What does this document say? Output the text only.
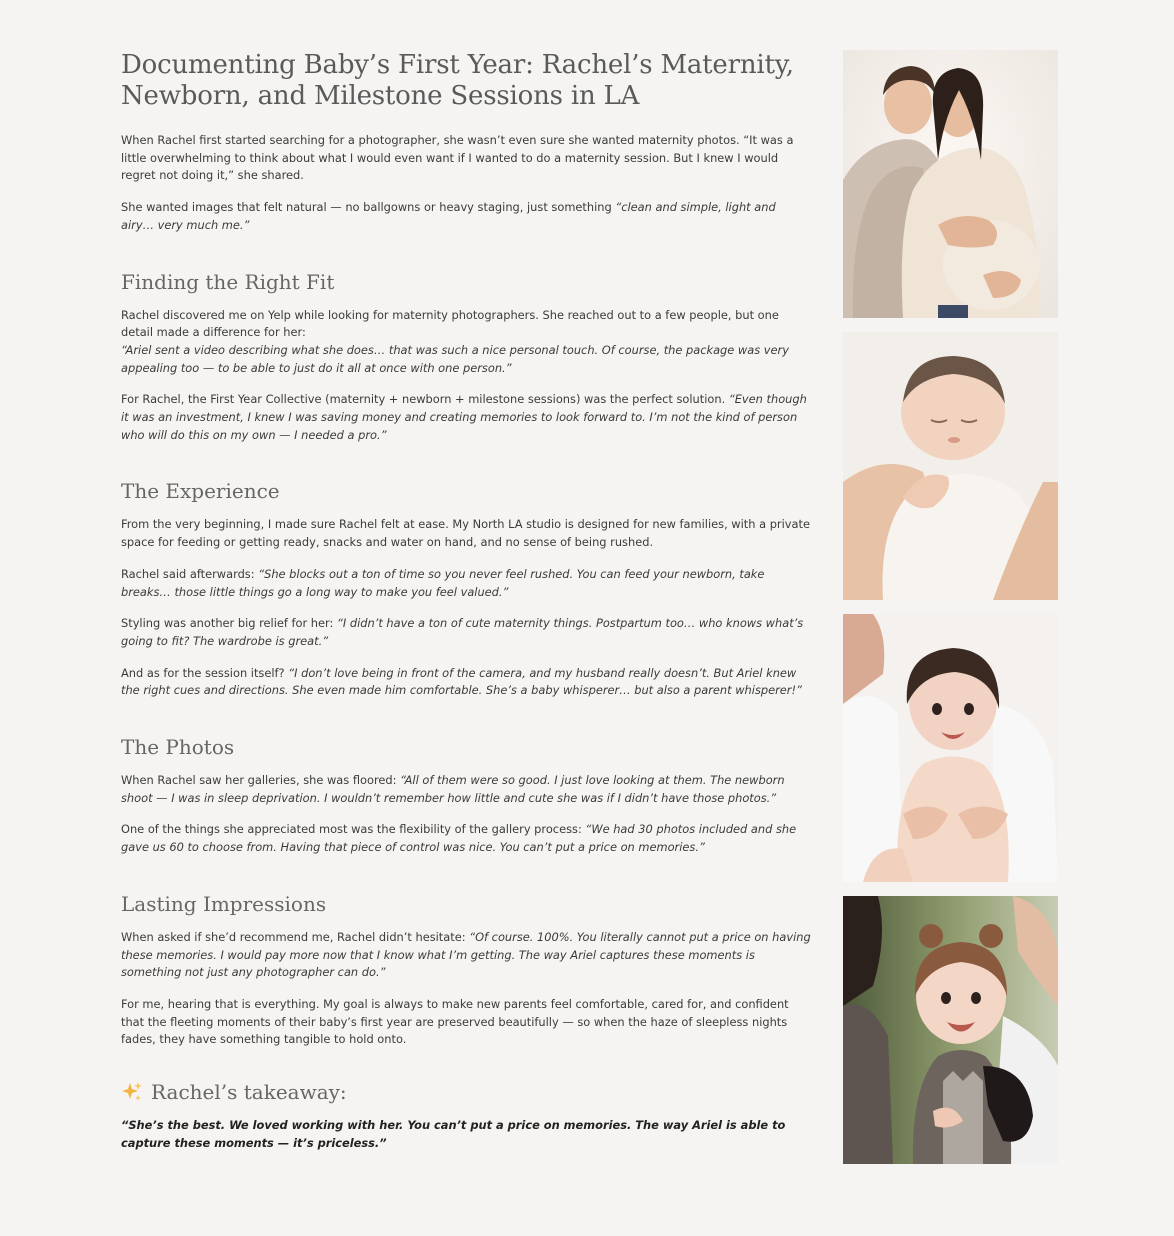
Documenting Baby’s First Year: Rachel’s Maternity, Newborn, and Milestone Sessions in LA

When Rachel first started searching for a photographer, she wasn’t even sure she wanted maternity photos. “It was a little overwhelming to think about what I would even want if I wanted to do a maternity session. But I knew I would regret not doing it,” she shared.

She wanted images that felt natural — no ballgowns or heavy staging, just something “clean and simple, light and airy… very much me.”

Finding the Right Fit

Rachel discovered me on Yelp while looking for maternity photographers. She reached out to a few people, but one detail made a difference for her:
“Ariel sent a video describing what she does… that was such a nice personal touch. Of course, the package was very appealing too — to be able to just do it all at once with one person.”

For Rachel, the First Year Collective (maternity + newborn + milestone sessions) was the perfect solution. “Even though it was an investment, I knew I was saving money and creating memories to look forward to. I’m not the kind of person who will do this on my own — I needed a pro.”

The Experience

From the very beginning, I made sure Rachel felt at ease. My North LA studio is designed for new families, with a private space for feeding or getting ready, snacks and water on hand, and no sense of being rushed.

Rachel said afterwards: “She blocks out a ton of time so you never feel rushed. You can feed your newborn, take breaks… those little things go a long way to make you feel valued.”

Styling was another big relief for her: “I didn’t have a ton of cute maternity things. Postpartum too… who knows what’s going to fit? The wardrobe is great.”

And as for the session itself? “I don’t love being in front of the camera, and my husband really doesn’t. But Ariel knew the right cues and directions. She even made him comfortable. She’s a baby whisperer… but also a parent whisperer!”

The Photos

When Rachel saw her galleries, she was floored: “All of them were so good. I just love looking at them. The newborn shoot — I was in sleep deprivation. I wouldn’t remember how little and cute she was if I didn’t have those photos.”

One of the things she appreciated most was the flexibility of the gallery process: “We had 30 photos included and she gave us 60 to choose from. Having that piece of control was nice. You can’t put a price on memories.”

Lasting Impressions

When asked if she’d recommend me, Rachel didn’t hesitate: “Of course. 100%. You literally cannot put a price on having these memories. I would pay more now that I know what I’m getting. The way Ariel captures these moments is something not just any photographer can do.”

For me, hearing that is everything. My goal is always to make new parents feel comfortable, cared for, and confident that the fleeting moments of their baby’s first year are preserved beautifully — so when the haze of sleepless nights fades, they have something tangible to hold onto.

Rachel’s takeaway:

“She’s the best. We loved working with her. You can’t put a price on memories. The way Ariel is able to capture these moments — it’s priceless.”
